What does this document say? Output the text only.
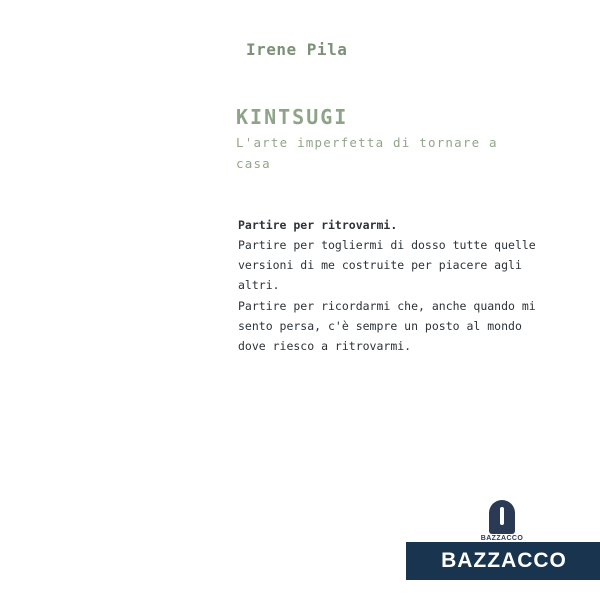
Irene Pila
KINTSUGI
L'arte imperfetta di tornare a casa
Partire per ritrovarmi.

Partire per togliermi di dosso tutte quelle versioni di me costruite per piacere agli altri.

Partire per ricordarmi che, anche quando mi sento persa, c'è sempre un posto al mondo dove riesco a ritrovarmi.

BAZZACCO
BAZZACCO
